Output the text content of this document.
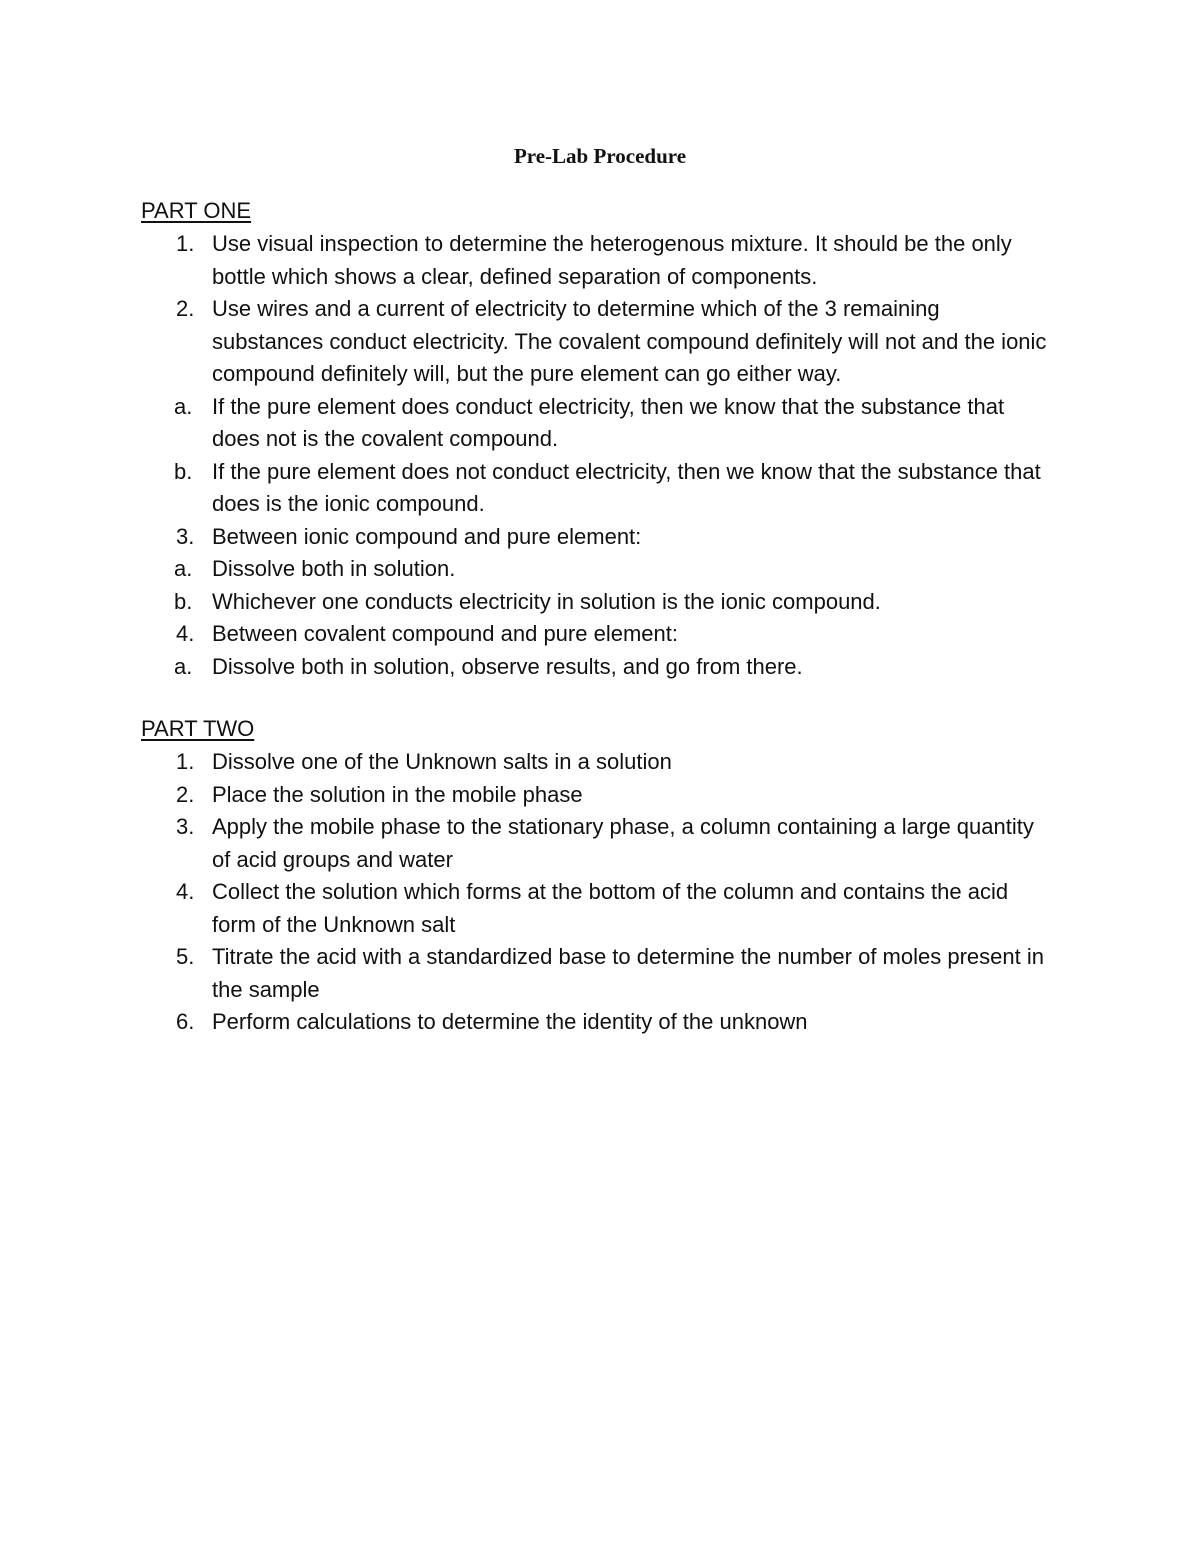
Pre-Lab Procedure
PART ONE
1. Use visual inspection to determine the heterogenous mixture. It should be the only bottle which shows a clear, defined separation of components.
2. Use wires and a current of electricity to determine which of the 3 remaining substances conduct electricity. The covalent compound definitely will not and the ionic compound definitely will, but the pure element can go either way.
a. If the pure element does conduct electricity, then we know that the substance that does not is the covalent compound.
b. If the pure element does not conduct electricity, then we know that the substance that does is the ionic compound.
3. Between ionic compound and pure element:
a. Dissolve both in solution.
b. Whichever one conducts electricity in solution is the ionic compound.
4. Between covalent compound and pure element:
a. Dissolve both in solution, observe results, and go from there.
PART TWO
1. Dissolve one of the Unknown salts in a solution
2. Place the solution in the mobile phase
3. Apply the mobile phase to the stationary phase, a column containing a large quantity of acid groups and water
4. Collect the solution which forms at the bottom of the column and contains the acid form of the Unknown salt
5. Titrate the acid with a standardized base to determine the number of moles present in the sample
6. Perform calculations to determine the identity of the unknown
